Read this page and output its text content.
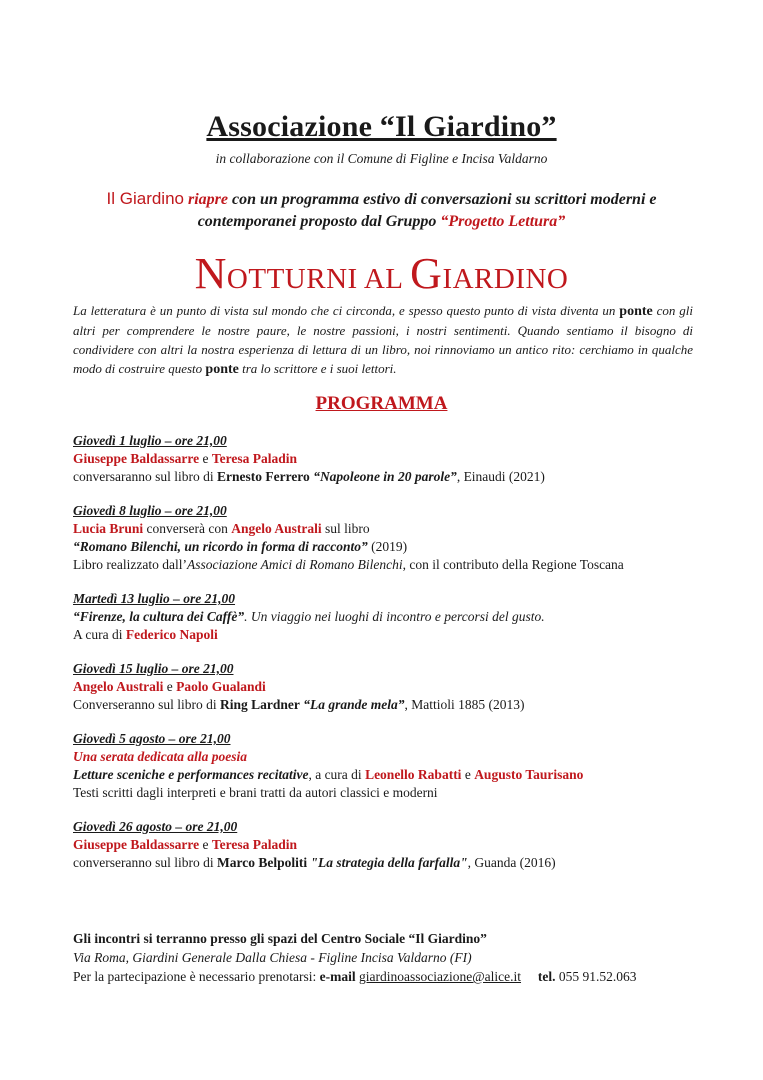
Associazione “Il Giardino”
in collaborazione con il Comune di Figline e Incisa Valdarno
Il Giardino riapre con un programma estivo di conversazioni su scrittori moderni e contemporanei proposto dal Gruppo “Progetto Lettura”
NOTTURNI AL GIARDINO
La letteratura è un punto di vista sul mondo che ci circonda, e spesso questo punto di vista diventa un ponte con gli altri per comprendere le nostre paure, le nostre passioni, i nostri sentimenti. Quando sentiamo il bisogno di condividere con altri la nostra esperienza di lettura di un libro, noi rinnoviamo un antico rito: cerchiamo in qualche modo di costruire questo ponte tra lo scrittore e i suoi lettori.
PROGRAMMA
Giovedì 1 luglio – ore 21,00
Giuseppe Baldassarre e Teresa Paladin
conversaranno sul libro di Ernesto Ferrero “Napoleone in 20 parole”, Einaudi (2021)
Giovedì 8 luglio – ore 21,00
Lucia Bruni converserà con Angelo Australi sul libro
“Romano Bilenchi, un ricordo in forma di racconto” (2019)
Libro realizzato dall’Associazione Amici di Romano Bilenchi, con il contributo della Regione Toscana
Martedì 13 luglio – ore 21,00
“Firenze, la cultura dei Caffè”. Un viaggio nei luoghi di incontro e percorsi del gusto.
A cura di Federico Napoli
Giovedì 15 luglio – ore 21,00
Angelo Australi e Paolo Gualandi
Converseranno sul libro di Ring Lardner “La grande mela”, Mattioli 1885 (2013)
Giovedì 5 agosto – ore 21,00
Una serata dedicata alla poesia
Letture sceniche e performances recitative, a cura di Leonello Rabatti e Augusto Taurisano
Testi scritti dagli interpreti e brani tratti da autori classici e moderni
Giovedì 26 agosto – ore 21,00
Giuseppe Baldassarre e Teresa Paladin
converseranno sul libro di Marco Belpoliti "La strategia della farfalla", Guanda (2016)
Gli incontri si terranno presso gli spazi del Centro Sociale “Il Giardino”
Via Roma, Giardini Generale Dalla Chiesa - Figline Incisa Valdarno (FI)
Per la partecipazione è necessario prenotarsi: e-mail giardinoassociazione@alice.it tel. 055 91.52.063
